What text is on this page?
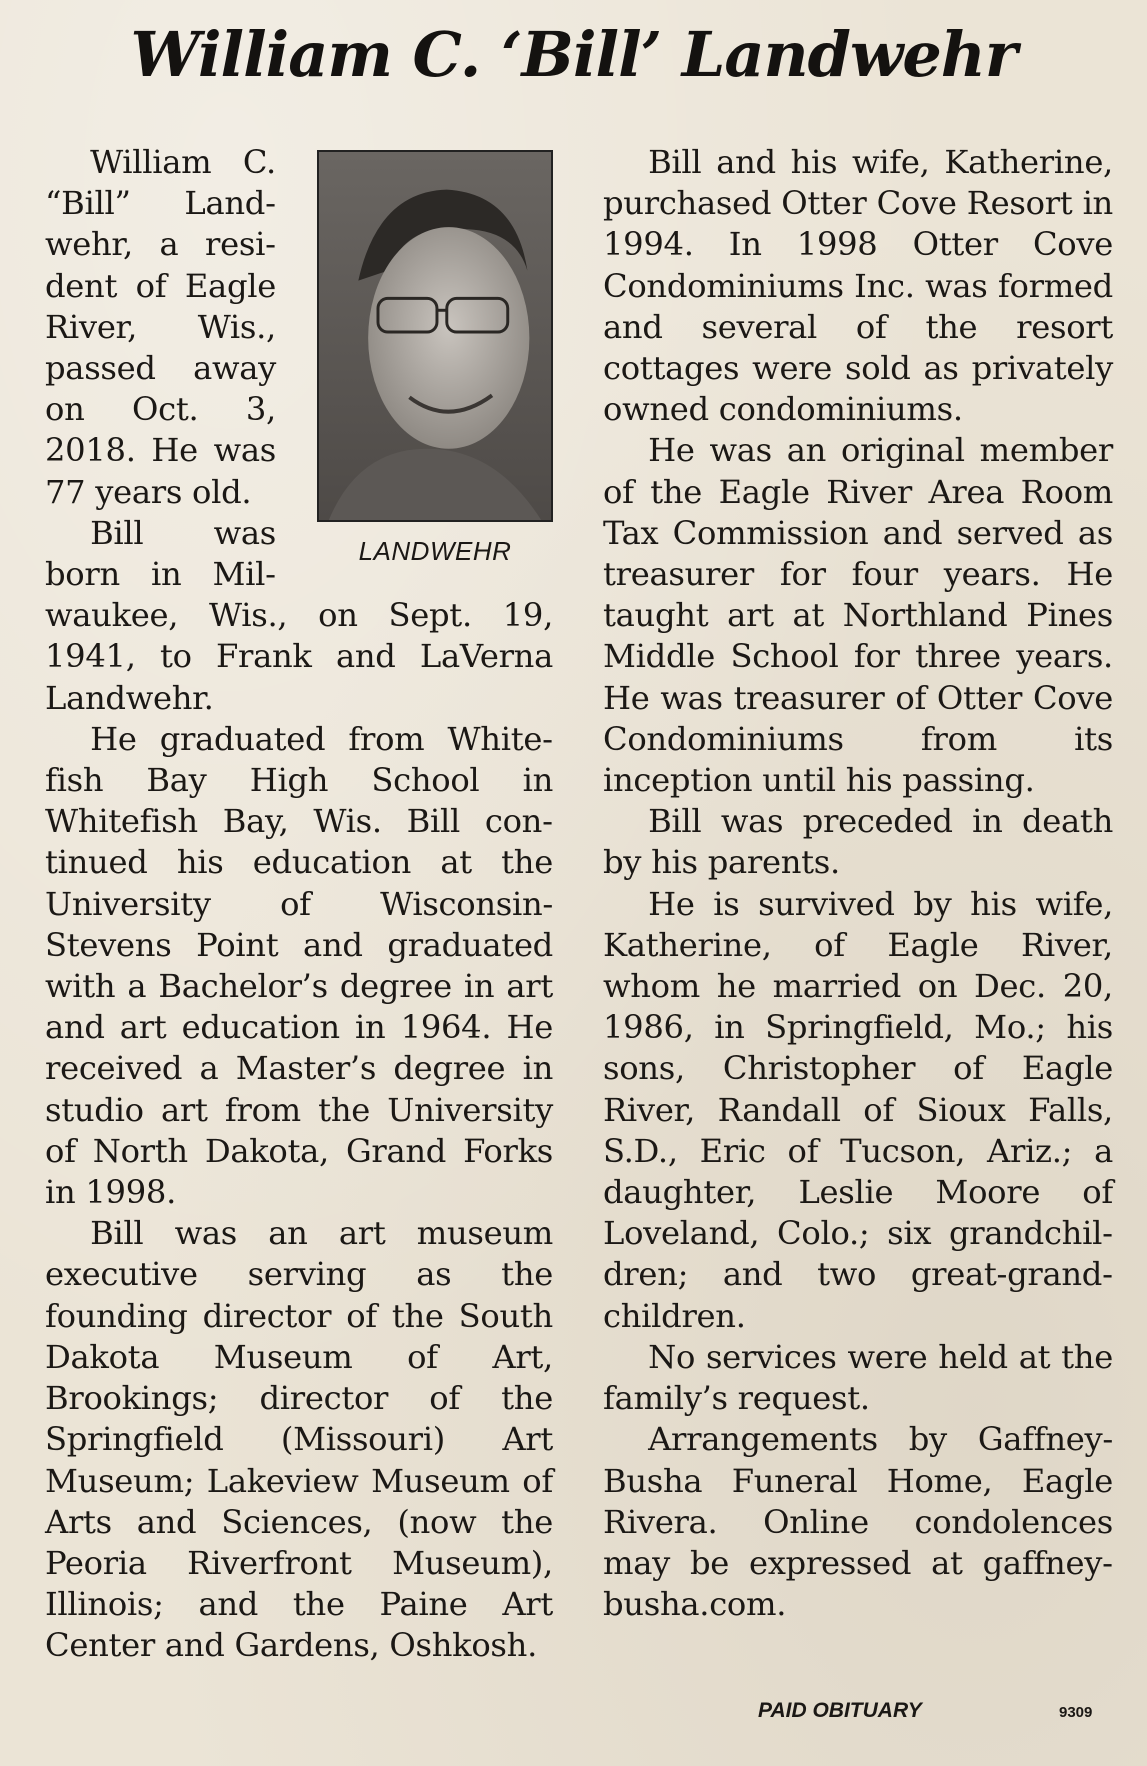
William C. ‘Bill’ Landwehr
LANDWEHR

William C. “Bill” Landwehr, a resident of Eagle River, Wis., passed away on Oct. 3, 2018. He was 77 years old.

Bill was born in Milwaukee, Wis., on Sept. 19, 1941, to Frank and LaVerna Landwehr.

He graduated from Whitefish Bay High School in Whitefish Bay, Wis. Bill continued his education at the University of Wisconsin-Stevens Point and graduated with a Bachelor’s degree in art and art education in 1964. He received a Master’s degree in studio art from the University of North Dakota, Grand Forks in 1998.

Bill was an art museum executive serving as the founding director of the South Dakota Museum of Art, Brookings; director of the Springfield (Missouri) Art Museum; Lakeview Museum of Arts and Sciences, (now the Peoria Riverfront Museum), Illinois; and the Paine Art Center and Gardens, Oshkosh.

Bill and his wife, Katherine, purchased Otter Cove Resort in 1994. In 1998 Otter Cove Condominiums Inc. was formed and several of the resort cottages were sold as privately owned condominiums.

He was an original member of the Eagle River Area Room Tax Commission and served as treasurer for four years. He taught art at Northland Pines Middle School for three years. He was treasurer of Otter Cove Condominiums from its inception until his passing.

Bill was preceded in death by his parents.

He is survived by his wife, Katherine, of Eagle River, whom he married on Dec. 20, 1986, in Springfield, Mo.; his sons, Christopher of Eagle River, Randall of Sioux Falls, S.D., Eric of Tucson, Ariz.; a daughter, Leslie Moore of Loveland, Colo.; six grandchildren; and two great-grandchildren.

No services were held at the family’s request.

Arrangements by Gaffney-Busha Funeral Home, Eagle Rivera. Online condolences may be expressed at gaffneybusha.com.

PAID OBITUARY	9309
